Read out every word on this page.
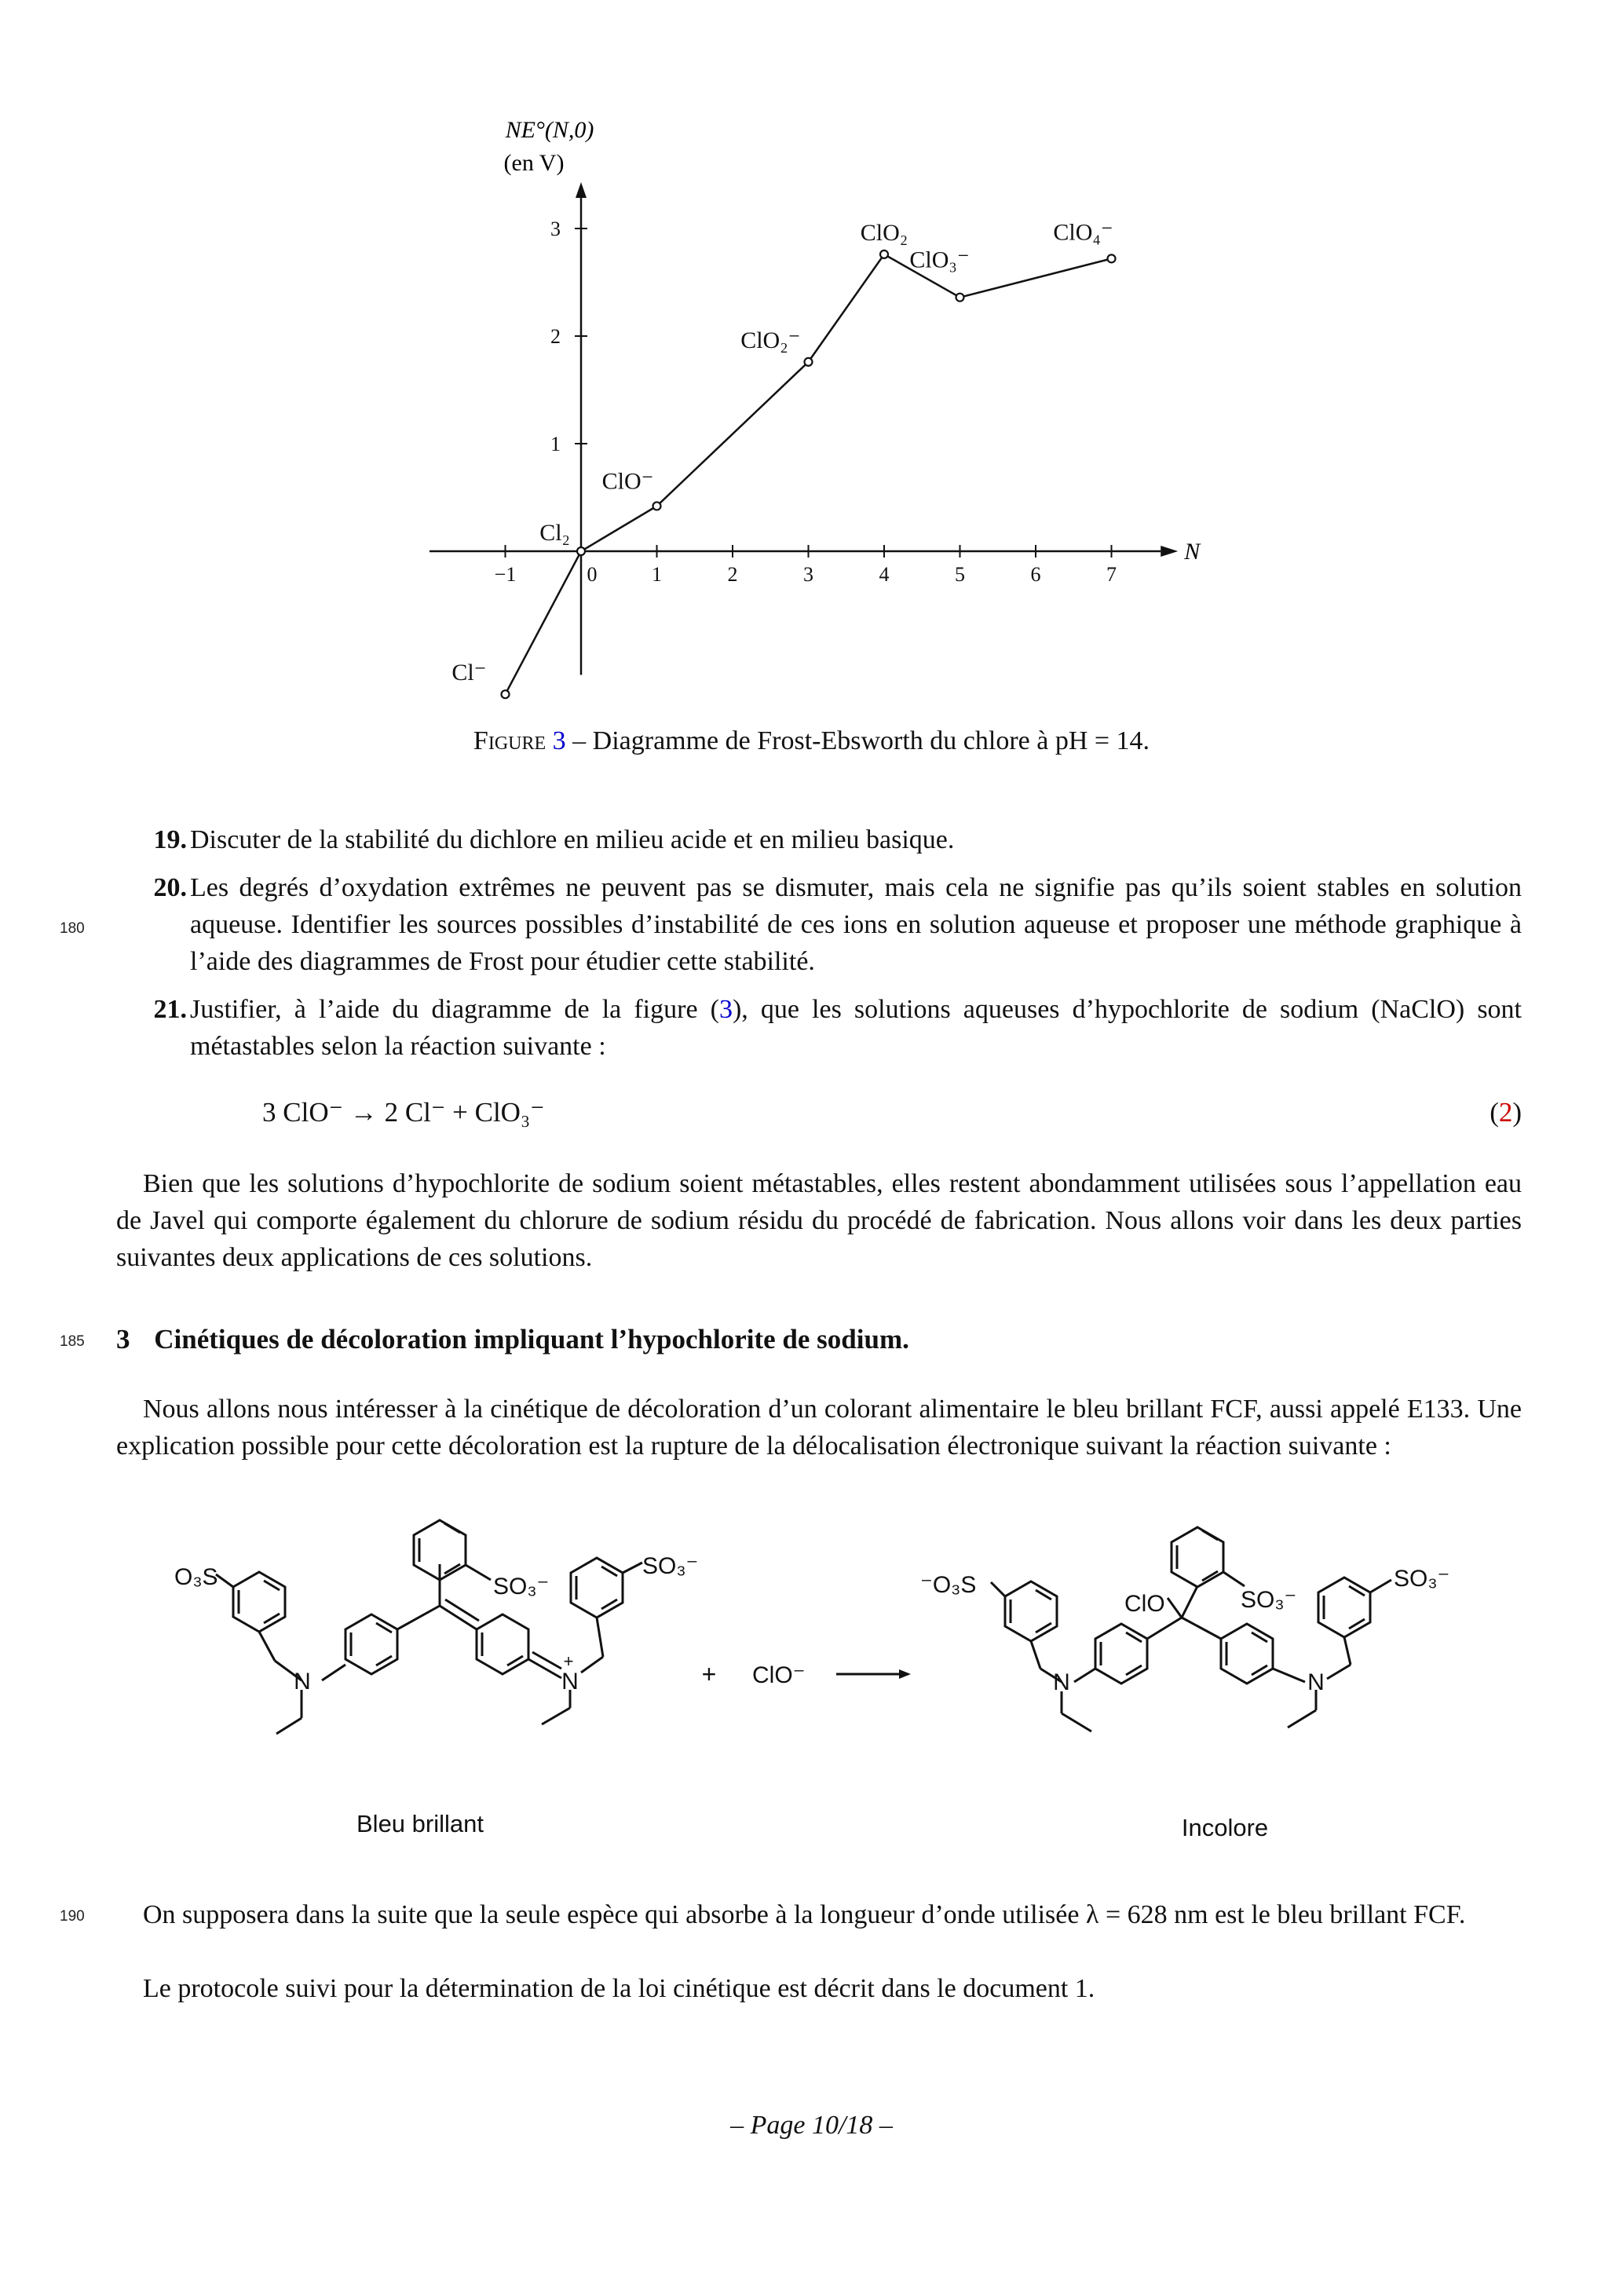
NE°(N,0)
(en V)
−1	0	1	2	3	4	5	6	7
1
2
3
Cl⁻
Cl₂
ClO⁻
ClO₂⁻
ClO₂
ClO₃⁻
ClO₄⁻
N
Figure 3 – Diagramme de Frost-Ebsworth du chlore à pH = 14.
19. Discuter de la stabilité du dichlore en milieu acide et en milieu basique.
180
20. Les degrés d’oxydation extrêmes ne peuvent pas se dismuter, mais cela ne signifie pas qu’ils soient stables en solution aqueuse. Identifier les sources possibles d’instabilité de ces ions en solution aqueuse et proposer une méthode graphique à l’aide des diagrammes de Frost pour étudier cette stabilité.
21. Justifier, à l’aide du diagramme de la figure (3), que les solutions aqueuses d’hypochlorite de sodium (NaClO) sont métastables selon la réaction suivante :
3 ClO⁻ → 2 Cl⁻ + ClO₃⁻	(2)
Bien que les solutions d’hypochlorite de sodium soient métastables, elles restent abondamment utilisées sous l’appellation eau de Javel qui comporte également du chlorure de sodium résidu du procédé de fabrication. Nous allons voir dans les deux parties suivantes deux applications de ces solutions.
185 3 Cinétiques de décoloration impliquant l’hypochlorite de sodium.
Nous allons nous intéresser à la cinétique de décoloration d’un colorant alimentaire le bleu brillant FCF, aussi appelé E133. Une explication possible pour cette décoloration est la rupture de la délocalisation électronique suivant la réaction suivante :
O₃S	SO₃⁻
SO₃⁻
N	N
+	+ ClO⁻
⁻O₃S
SO₃⁻
SO₃⁻
ClO
N	N
Bleu brillant	Incolore
190	On supposera dans la suite que la seule espèce qui absorbe à la longueur d’onde utilisée λ = 628 nm est le bleu brillant FCF.
Le protocole suivi pour la détermination de la loi cinétique est décrit dans le document 1.
– Page 10/18 –
